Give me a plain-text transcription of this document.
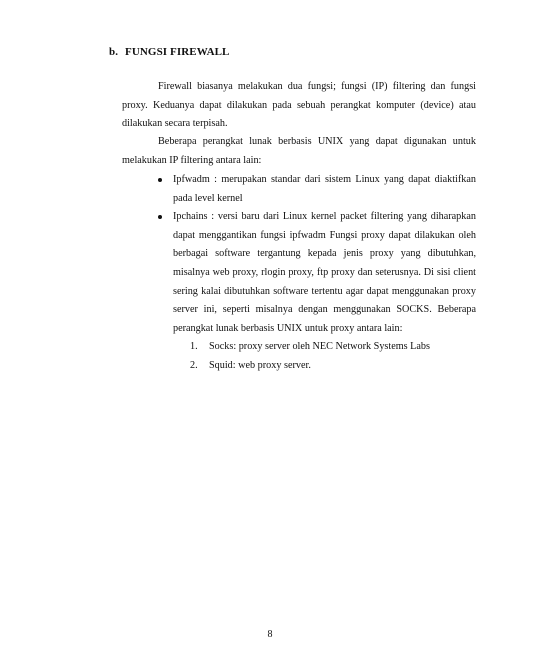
b. FUNGSI FIREWALL
Firewall biasanya melakukan dua fungsi; fungsi (IP) filtering dan fungsi proxy. Keduanya dapat dilakukan pada sebuah perangkat komputer (device) atau dilakukan secara terpisah.
Beberapa perangkat lunak berbasis UNIX yang dapat digunakan untuk melakukan IP filtering antara lain:
Ipfwadm : merupakan standar dari sistem Linux yang dapat diaktifkan pada level kernel
Ipchains : versi baru dari Linux kernel packet filtering yang diharapkan dapat menggantikan fungsi ipfwadm Fungsi proxy dapat dilakukan oleh berbagai software tergantung kepada jenis proxy yang dibutuhkan, misalnya web proxy, rlogin proxy, ftp proxy dan seterusnya. Di sisi client sering kalai dibutuhkan software tertentu agar dapat menggunakan proxy server ini, seperti misalnya dengan menggunakan SOCKS. Beberapa perangkat lunak berbasis UNIX untuk proxy antara lain:
1. Socks: proxy server oleh NEC Network Systems Labs
2. Squid: web proxy server.
8
